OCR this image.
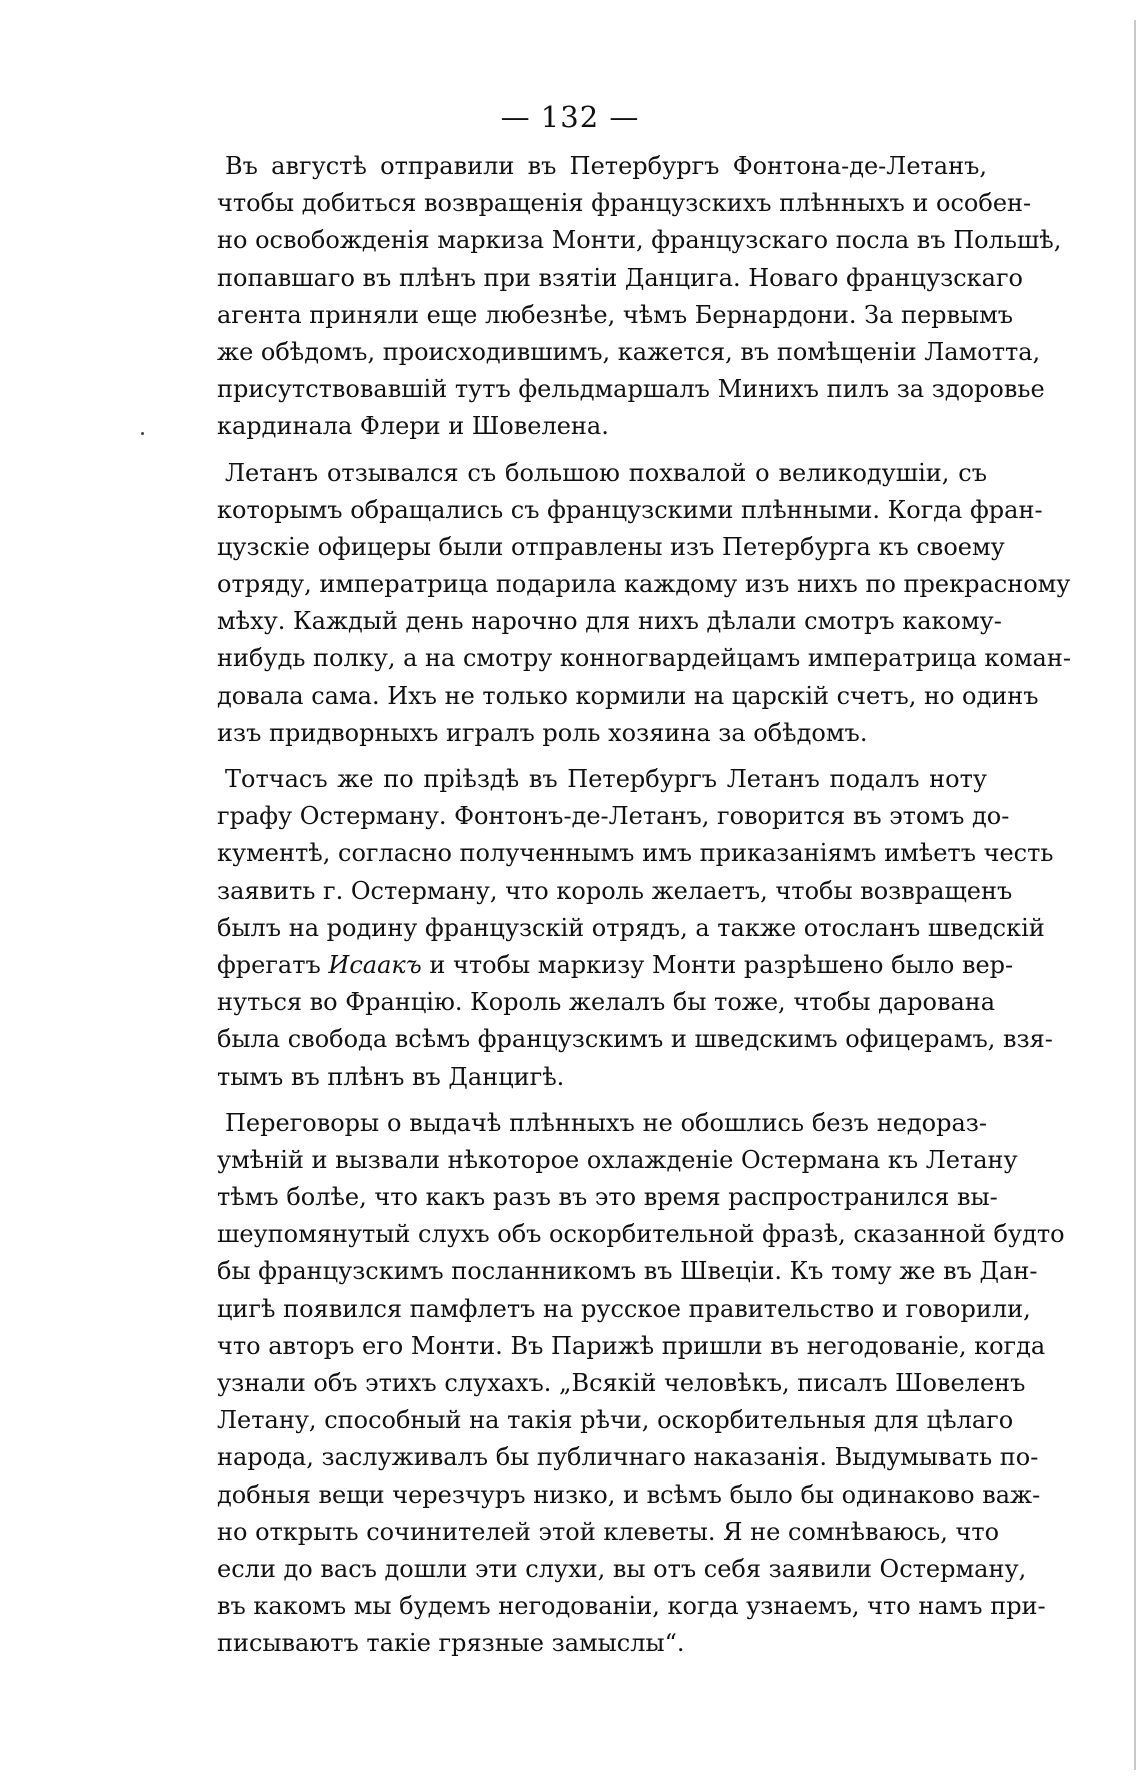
— 132 —
Въ августѣ отправили въ Петербургъ Фонтона-де-Летанъ,
чтобы добиться возвращенія французскихъ плѣнныхъ и особен-
но освобожденія маркиза Монти, французскаго посла въ Польшѣ,
попавшаго въ плѣнъ при взятіи Данцига. Новаго французскаго
агента приняли еще любезнѣе, чѣмъ Бернардони. За первымъ
же обѣдомъ, происходившимъ, кажется, въ помѣщеніи Ламотта,
присутствовавшій тутъ фельдмаршалъ Минихъ пилъ за здоровье
кардинала Флери и Шовелена.
Летанъ отзывался съ большою похвалой о великодушіи, съ
которымъ обращались съ французскими плѣнными. Когда фран-
цузскіе офицеры были отправлены изъ Петербурга къ своему
отряду, императрица подарила каждому изъ нихъ по прекрасному
мѣху. Каждый день нарочно для нихъ дѣлали смотръ какому-
нибудь полку, а на смотру конногвардейцамъ императрица коман-
довала сама. Ихъ не только кормили на царскій счетъ, но одинъ
изъ придворныхъ игралъ роль хозяина за обѣдомъ.
Тотчасъ же по пріѣздѣ въ Петербургъ Летанъ подалъ ноту
графу Остерману. Фонтонъ-де-Летанъ, говорится въ этомъ до-
кументѣ, согласно полученнымъ имъ приказаніямъ имѣетъ честь
заявить г. Остерману, что король желаетъ, чтобы возвращенъ
былъ на родину французскій отрядъ, а также отосланъ шведскій
фрегатъ Исаакъ и чтобы маркизу Монти разрѣшено было вер-
нуться во Францію. Король желалъ бы тоже, чтобы дарована
была свобода всѣмъ французскимъ и шведскимъ офицерамъ, взя-
тымъ въ плѣнъ въ Данцигѣ.
Переговоры о выдачѣ плѣнныхъ не обошлись безъ недораз-
умѣній и вызвали нѣкоторое охлажденіе Остермана къ Летану
тѣмъ болѣе, что какъ разъ въ это время распространился вы-
шеупомянутый слухъ объ оскорбительной фразѣ, сказанной будто
бы французскимъ посланникомъ въ Швеціи. Къ тому же въ Дан-
цигѣ появился памфлетъ на русское правительство и говорили,
что авторъ его Монти. Въ Парижѣ пришли въ негодованіе, когда
узнали объ этихъ слухахъ. „Всякій человѣкъ, писалъ Шовеленъ
Летану, способный на такія рѣчи, оскорбительныя для цѣлаго
народа, заслуживалъ бы публичнаго наказанія. Выдумывать по-
добныя вещи черезчуръ низко, и всѣмъ было бы одинаково важ-
но открыть сочинителей этой клеветы. Я не сомнѣваюсь, что
если до васъ дошли эти слухи, вы отъ себя заявили Остерману,
въ какомъ мы будемъ негодованіи, когда узнаемъ, что намъ при-
писываютъ такіе грязные замыслы“.
